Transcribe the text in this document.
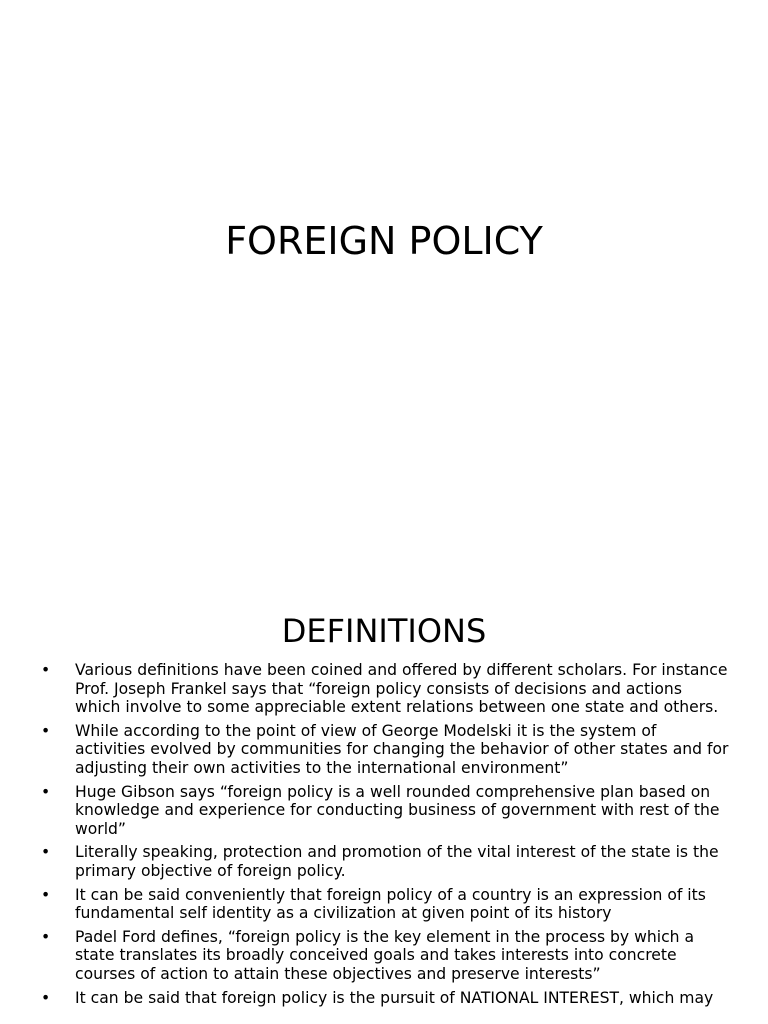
FOREIGN POLICY
DEFINITIONS
• Various definitions have been coined and offered by different scholars. For instance Prof. Joseph Frankel says that “foreign policy consists of decisions and actions which involve to some appreciable extent relations between one state and others.
• While according to the point of view of George Modelski it is the system of activities evolved by communities for changing the behavior of other states and for adjusting their own activities to the international environment”
• Huge Gibson says “foreign policy is a well rounded comprehensive plan based on knowledge and experience for conducting business of government with rest of the world”
• Literally speaking, protection and promotion of the vital interest of the state is the primary objective of foreign policy.
• It can be said conveniently that foreign policy of a country is an expression of its fundamental self identity as a civilization at given point of its history
• Padel Ford defines, “foreign policy is the key element in the process by which a state translates its broadly conceived goals and takes interests into concrete courses of action to attain these objectives and preserve interests”
• It can be said that foreign policy is the pursuit of NATIONAL INTEREST, which may
